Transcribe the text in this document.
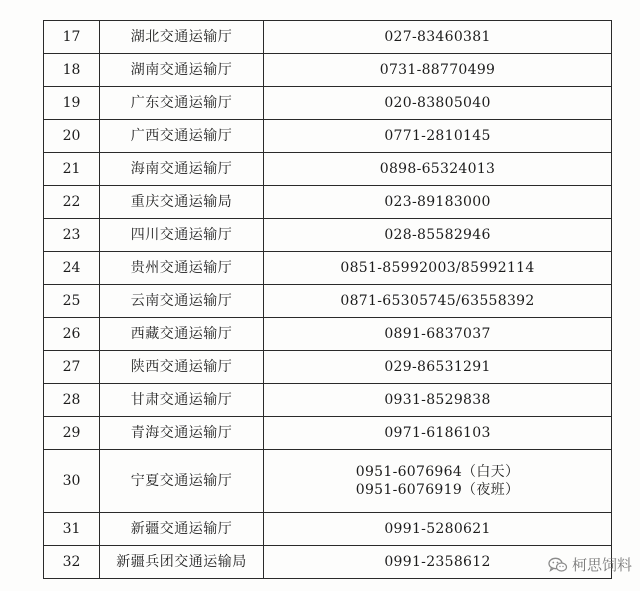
17	湖北交通运输厅	027-83460381

18	湖南交通运输厅	0731-88770499

19	广东交通运输厅	020-83805040

20	广西交通运输厅	0771-2810145

21	海南交通运输厅	0898-65324013

22	重庆交通运输局	023-89183000

23	四川交通运输厅	028-85582946

24	贵州交通运输厅	0851-85992003/85992114

25	云南交通运输厅	0871-65305745/63558392

26	西藏交通运输厅	0891-6837037

27	陕西交通运输厅	029-86531291

28	甘肃交通运输厅	0931-8529838

29	青海交通运输厅	0971-6186103

30	宁夏交通运输厅	0951-6076964（白天）
0951-6076919（夜班）

31	新疆交通运输厅	0991-5280621

32	新疆兵团交通运输局	0991-2358612	柯思饲料
